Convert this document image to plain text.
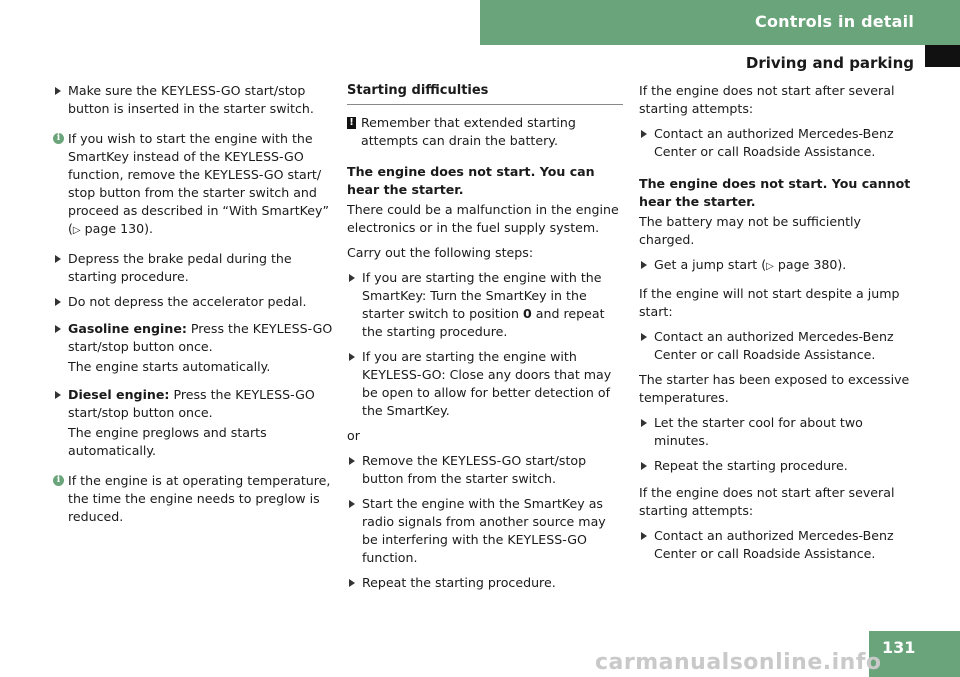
Controls in detail
Driving and parking

Make sure the KEYLESS-GO start/stop button is inserted in the starter switch.

i If you wish to start the engine with the SmartKey instead of the KEYLESS-GO function, remove the KEYLESS-GO start/ stop button from the starter switch and proceed as described in “With SmartKey” (▷ page 130).

Depress the brake pedal during the starting procedure.

Do not depress the accelerator pedal.

Gasoline engine: Press the KEYLESS-GO start/stop button once.

The engine starts automatically.

Diesel engine: Press the KEYLESS-GO start/stop button once.

The engine preglows and starts automatically.

i If the engine is at operating temperature, the time the engine needs to preglow is reduced.

Starting difficulties

! Remember that extended starting attempts can drain the battery.

The engine does not start. You can hear the starter.

There could be a malfunction in the engine electronics or in the fuel supply system.

Carry out the following steps:

If you are starting the engine with the SmartKey: Turn the SmartKey in the starter switch to position 0 and repeat the starting procedure.

If you are starting the engine with KEYLESS-GO: Close any doors that may be open to allow for better detection of the SmartKey.

or

Remove the KEYLESS-GO start/stop button from the starter switch.

Start the engine with the SmartKey as radio signals from another source may be interfering with the KEYLESS-GO function.

Repeat the starting procedure.

If the engine does not start after several starting attempts:

Contact an authorized Mercedes-Benz Center or call Roadside Assistance.

The engine does not start. You cannot hear the starter.

The battery may not be sufficiently charged.

Get a jump start (▷ page 380).

If the engine will not start despite a jump start:

Contact an authorized Mercedes-Benz Center or call Roadside Assistance.

The starter has been exposed to excessive temperatures.

Let the starter cool for about two minutes.

Repeat the starting procedure.

If the engine does not start after several starting attempts:

Contact an authorized Mercedes-Benz Center or call Roadside Assistance.

131
carmanualsonline.info
